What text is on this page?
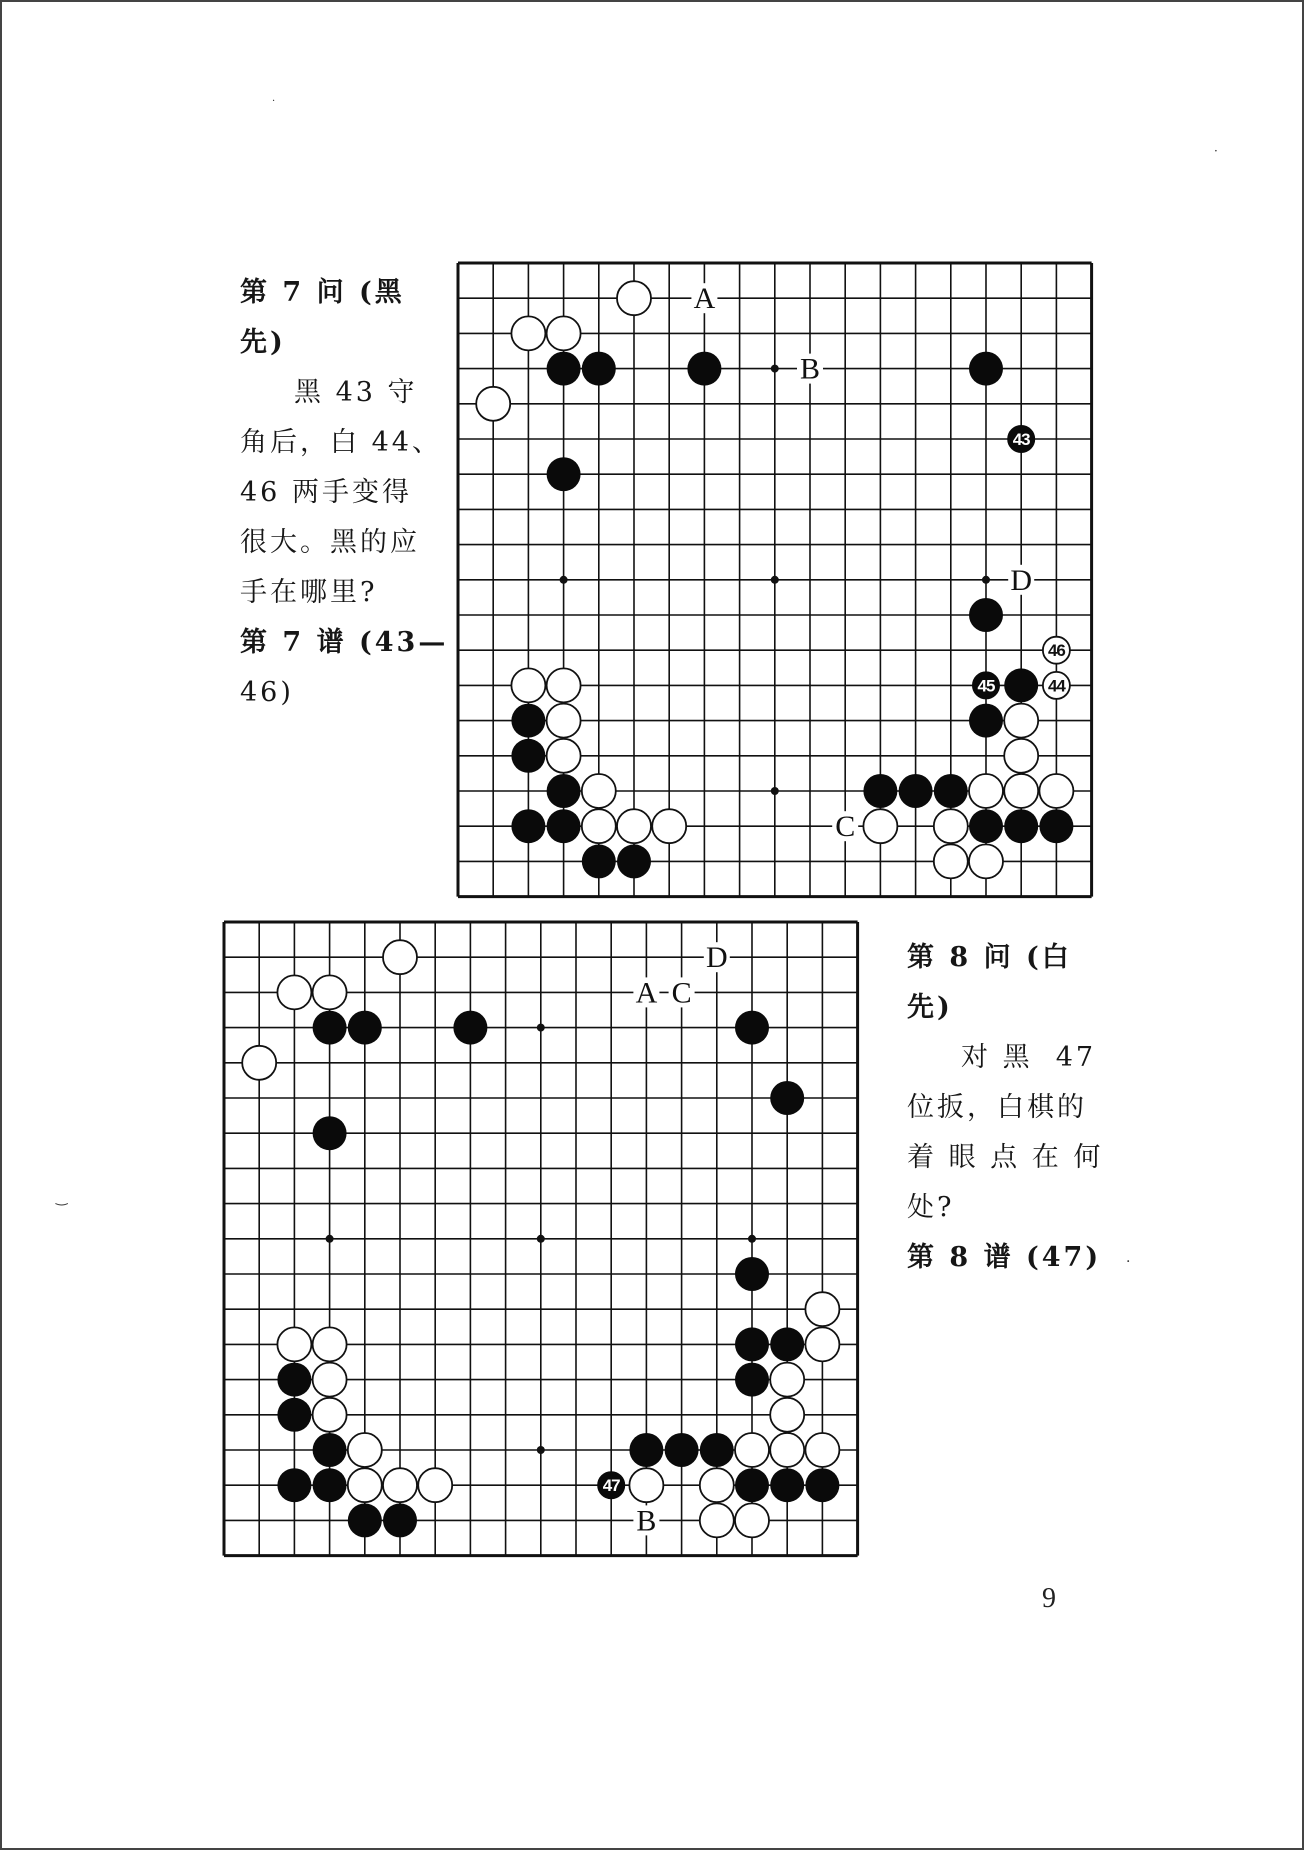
第 7 问 (黑
先)
黑 43 守
角后，白 44、
46 两手变得
很大。黑的应
手在哪里?
第 7 谱 (43—
46)
A
B
C
D
43
46
45	44
A
B
C
D
47
第 8 问 (白
先)
对 黑  47
位扳，白棋的
着 眼 点 在 何
处?
第 8 谱 (47)
9
·
·
‿
·
